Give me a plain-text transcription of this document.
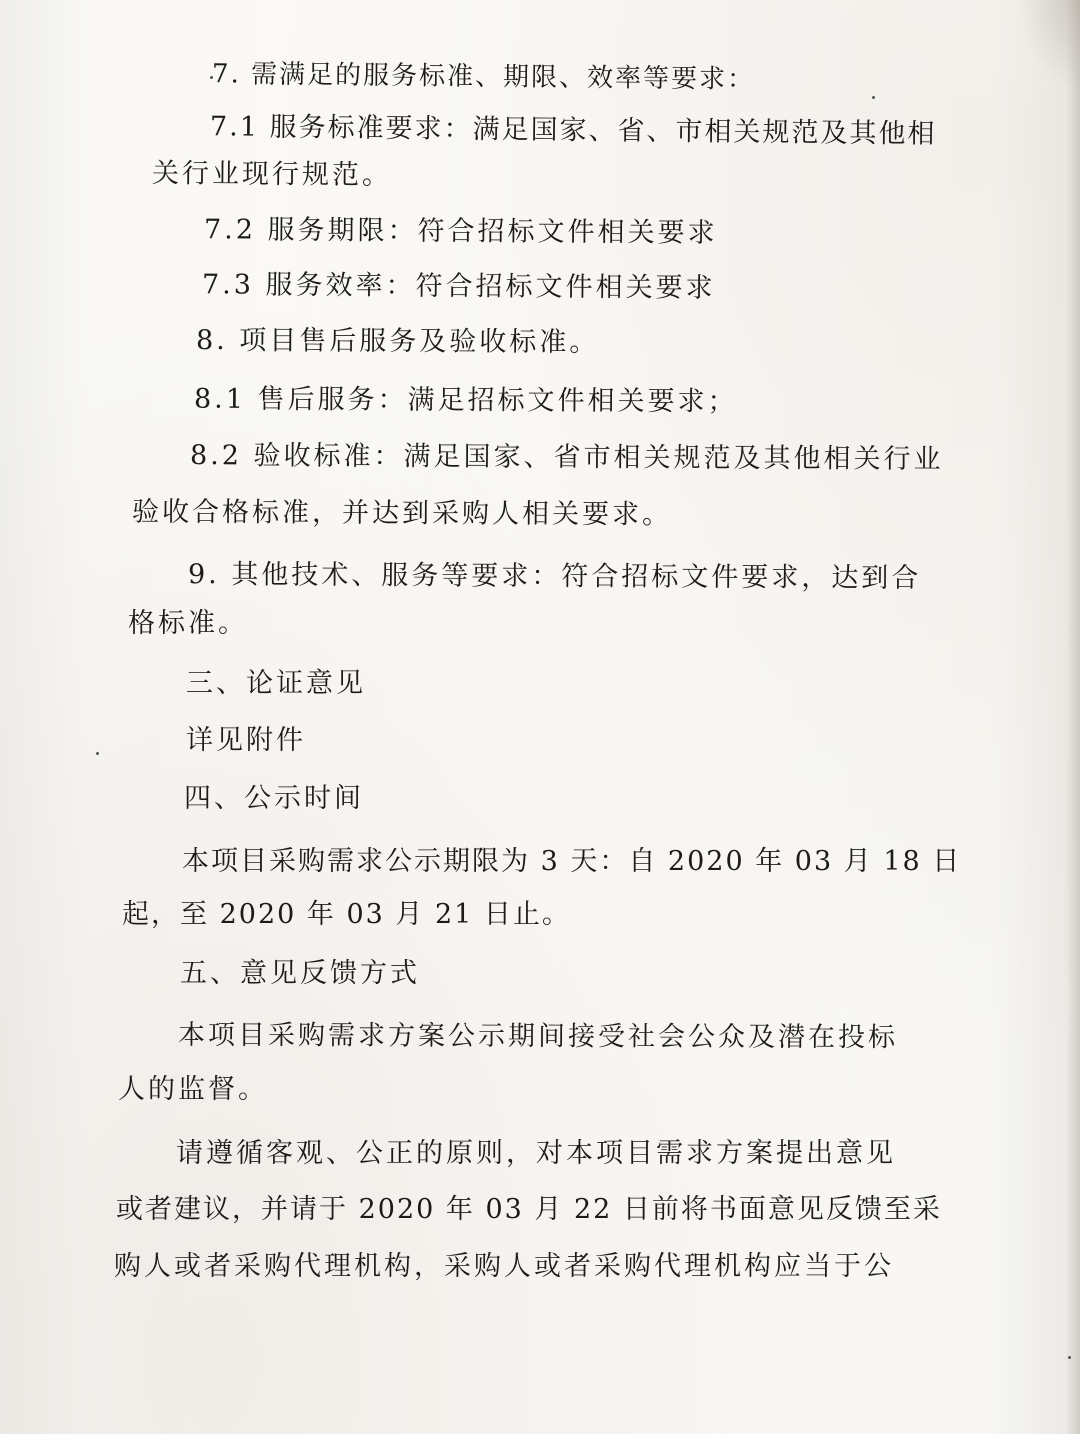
7. 需满足的服务标准、期限、效率等要求：
7.1 服务标准要求：满足国家、省、市相关规范及其他相
关行业现行规范。
7.2 服务期限：符合招标文件相关要求
7.3 服务效率：符合招标文件相关要求
8. 项目售后服务及验收标准。
8.1 售后服务：满足招标文件相关要求；
8.2 验收标准：满足国家、省市相关规范及其他相关行业
验收合格标准，并达到采购人相关要求。
9. 其他技术、服务等要求：符合招标文件要求，达到合
格标准。
三、论证意见
详见附件
四、公示时间
本项目采购需求公示期限为 3 天：自 2020 年 03 月 18 日
起，至 2020 年 03 月 21 日止。
五、意见反馈方式
本项目采购需求方案公示期间接受社会公众及潜在投标
人的监督。
请遵循客观、公正的原则，对本项目需求方案提出意见
或者建议，并请于 2020 年 03 月 22 日前将书面意见反馈至采
购人或者采购代理机构，采购人或者采购代理机构应当于公
